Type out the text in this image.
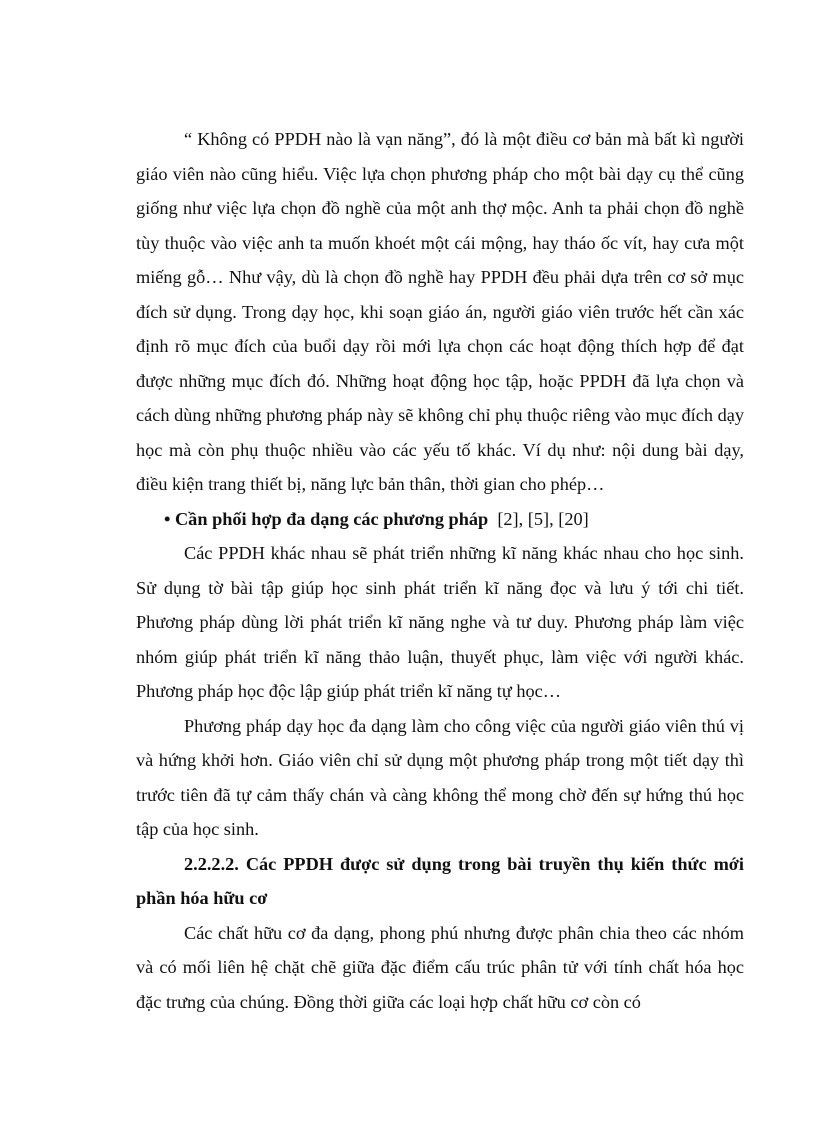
“ Không có PPDH nào là vạn năng”, đó là một điều cơ bản mà bất kì người giáo viên nào cũng hiểu. Việc lựa chọn phương pháp cho một bài dạy cụ thể cũng giống như việc lựa chọn đồ nghề của một anh thợ mộc. Anh ta phải chọn đồ nghề tùy thuộc vào việc anh ta muốn khoét một cái mộng, hay tháo ốc vít, hay cưa một miếng gỗ… Như vậy, dù là chọn đồ nghề hay PPDH đều phải dựa trên cơ sở mục đích sử dụng. Trong dạy học, khi soạn giáo án, người giáo viên trước hết cần xác định rõ mục đích của buổi dạy rồi mới lựa chọn các hoạt động thích hợp để đạt được những mục đích đó. Những hoạt động học tập, hoặc PPDH đã lựa chọn và cách dùng những phương pháp này sẽ không chỉ phụ thuộc riêng vào mục đích dạy học mà còn phụ thuộc nhiều vào các yếu tố khác. Ví dụ như: nội dung bài dạy, điều kiện trang thiết bị, năng lực bản thân, thời gian cho phép…

• Cần phối hợp đa dạng các phương pháp [2], [5], [20]

Các PPDH khác nhau sẽ phát triển những kĩ năng khác nhau cho học sinh. Sử dụng tờ bài tập giúp học sinh phát triển kĩ năng đọc và lưu ý tới chi tiết. Phương pháp dùng lời phát triển kĩ năng nghe và tư duy. Phương pháp làm việc nhóm giúp phát triển kĩ năng thảo luận, thuyết phục, làm việc với người khác. Phương pháp học độc lập giúp phát triển kĩ năng tự học…

Phương pháp dạy học đa dạng làm cho công việc của người giáo viên thú vị và hứng khởi hơn. Giáo viên chỉ sử dụng một phương pháp trong một tiết dạy thì trước tiên đã tự cảm thấy chán và càng không thể mong chờ đến sự hứng thú học tập của học sinh.

2.2.2.2. Các PPDH được sử dụng trong bài truyền thụ kiến thức mới phần hóa hữu cơ

Các chất hữu cơ đa dạng, phong phú nhưng được phân chia theo các nhóm và có mối liên hệ chặt chẽ giữa đặc điểm cấu trúc phân tử với tính chất hóa học đặc trưng của chúng. Đồng thời giữa các loại hợp chất hữu cơ còn có
